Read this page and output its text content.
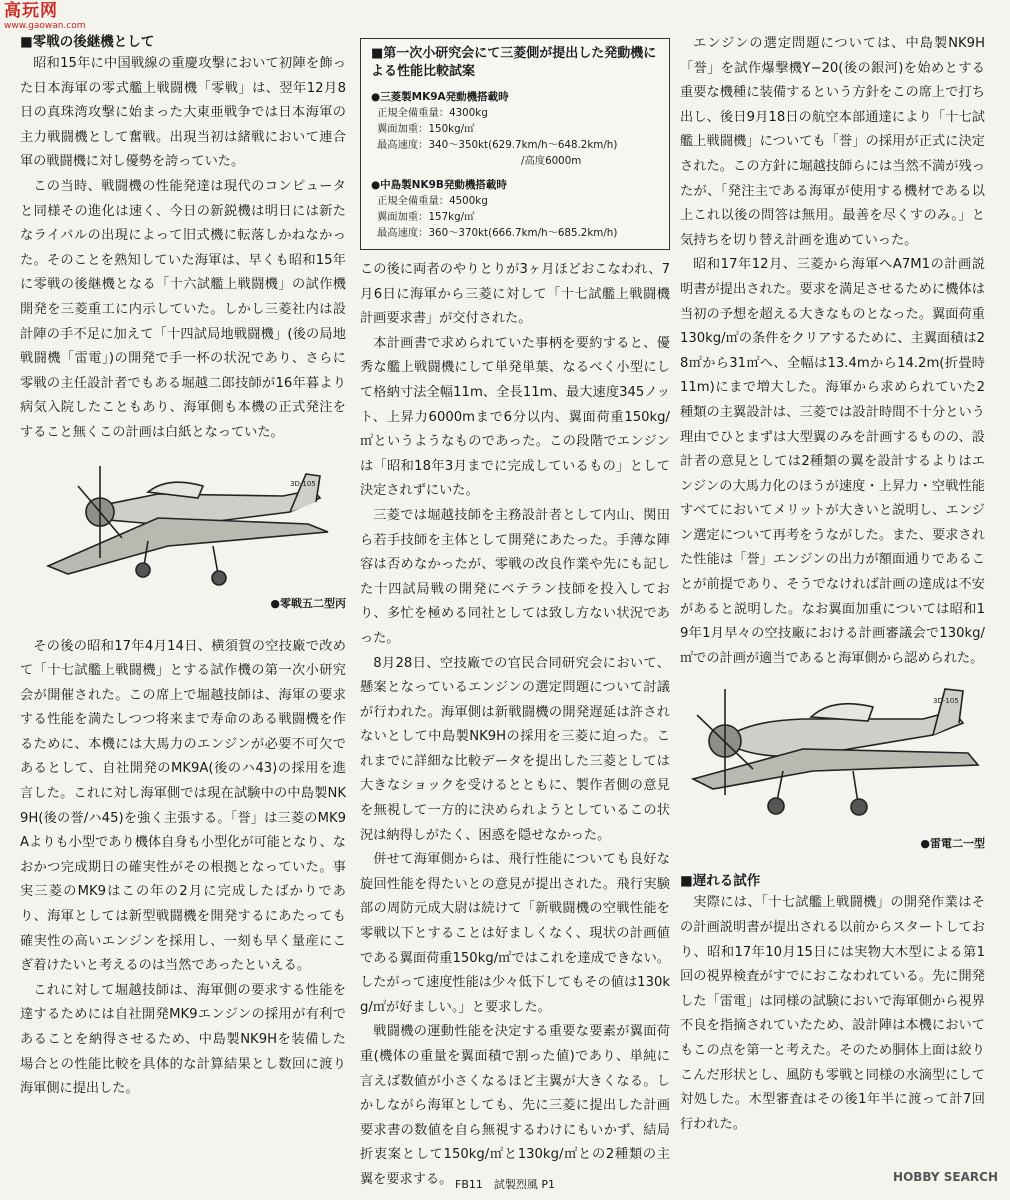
高玩网
www.gaowan.com
■零戦の後継機として

昭和15年に中国戦線の重慶攻撃において初陣を飾った日本海軍の零式艦上戦闘機「零戦」は、翌年12月8日の真珠湾攻撃に始まった大東亜戦争では日本海軍の主力戦闘機として奮戦。出現当初は緒戦において連合軍の戦闘機に対し優勢を誇っていた。

この当時、戦闘機の性能発達は現代のコンピュータと同様その進化は速く、今日の新鋭機は明日には新たなライバルの出現によって旧式機に転落しかねなかった。そのことを熟知していた海軍は、早くも昭和15年に零戦の後継機となる「十六試艦上戦闘機」の試作機開発を三菱重工に内示していた。しかし三菱社内は設計陣の手不足に加えて「十四試局地戦闘機」(後の局地戦闘機「雷電」)の開発で手一杯の状況であり、さらに零戦の主任設計者でもある堀越二郎技師が16年暮より病気入院したこともあり、海軍側も本機の正式発注をすること無くこの計画は白紙となっていた。

3D-105
●零戦五二型丙

その後の昭和17年4月14日、横須賀の空技廠で改めて「十七試艦上戦闘機」とする試作機の第一次小研究会が開催された。この席上で堀越技師は、海軍の要求する性能を満たしつつ将来まで寿命のある戦闘機を作るために、本機には大馬力のエンジンが必要不可欠であるとして、自社開発のMK9A(後のハ43)の採用を進言した。これに対し海軍側では現在試験中の中島製NK9H(後の誉/ハ45)を強く主張する。「誉」は三菱のMK9Aよりも小型であり機体自身も小型化が可能となり、なおかつ完成期日の確実性がその根拠となっていた。事実三菱のMK9はこの年の2月に完成したばかりであり、海軍としては新型戦闘機を開発するにあたっても確実性の高いエンジンを採用し、一刻も早く量産にこぎ着けたいと考えるのは当然であったといえる。

これに対して堀越技師は、海軍側の要求する性能を達するためには自社開発MK9エンジンの採用が有利であることを納得させるため、中島製NK9Hを装備した場合との性能比較を具体的な計算結果とし数回に渡り海軍側に提出した。

■第一次小研究会にて三菱側が提出した発動機による性能比較試案
●三菱製MK9A発動機搭載時
正規全備重量：4300kg
翼面加重：150kg/㎡
最高速度：340〜350kt(629.7km/h〜648.2km/h)
/高度6000m
●中島製NK9B発動機搭載時
正規全備重量：4500kg
翼面加重：157kg/㎡
最高速度：360〜370kt(666.7km/h〜685.2km/h)

この後に両者のやりとりが3ヶ月ほどおこなわれ、7月6日に海軍から三菱に対して「十七試艦上戦闘機計画要求書」が交付された。

本計画書で求められていた事柄を要約すると、優秀な艦上戦闘機にして単発単葉、なるべく小型にして格納寸法全幅11m、全長11m、最大速度345ノット、上昇力6000mまで6分以内、翼面荷重150kg/㎡というようなものであった。この段階でエンジンは「昭和18年3月までに完成しているもの」として決定されずにいた。

三菱では堀越技師を主務設計者として内山、関田ら若手技師を主体として開発にあたった。手薄な陣容は否めなかったが、零戦の改良作業や先にも記した十四試局戦の開発にベテラン技師を投入しており、多忙を極める同社としては致し方ない状況であった。

8月28日、空技廠での官民合同研究会において、懸案となっているエンジンの選定問題について討議が行われた。海軍側は新戦闘機の開発遅延は許されないとして中島製NK9Hの採用を三菱に迫った。これまでに詳細な比較データを提出した三菱としては大きなショックを受けるとともに、製作者側の意見を無視して一方的に決められようとしているこの状況は納得しがたく、困惑を隠せなかった。

併せて海軍側からは、飛行性能についても良好な旋回性能を得たいとの意見が提出された。飛行実験部の周防元成大尉は続けて「新戦闘機の空戦性能を零戦以下とすることは好ましくなく、現状の計画値である翼面荷重150kg/㎡ではこれを達成できない。したがって速度性能は少々低下してもその値は130kg/㎡が好ましい。」と要求した。

戦闘機の運動性能を決定する重要な要素が翼面荷重(機体の重量を翼面積で割った値)であり、単純に言えば数値が小さくなるほど主翼が大きくなる。しかしながら海軍としても、先に三菱に提出した計画要求書の数値を自ら無視するわけにもいかず、結局折衷案として150kg/㎡と130kg/㎡との2種類の主翼を要求する。

エンジンの選定問題については、中島製NK9H「誉」を試作爆撃機Y−20(後の銀河)を始めとする重要な機種に装備するという方針をこの席上で打ち出し、後日9月18日の航空本部通達により「十七試艦上戦闘機」についても「誉」の採用が正式に決定された。この方針に堀越技師らには当然不満が残ったが、「発注主である海軍が使用する機材である以上これ以後の問答は無用。最善を尽くすのみ。」と気持ちを切り替え計画を進めていった。

昭和17年12月、三菱から海軍へA7M1の計画説明書が提出された。要求を満足させるために機体は当初の予想を超える大きなものとなった。翼面荷重130kg/㎡の条件をクリアするために、主翼面積は28㎡から31㎡へ、全幅は13.4mから14.2m(折畳時11m)にまで増大した。海軍から求められていた2種類の主翼設計は、三菱では設計時間不十分という理由でひとまずは大型翼のみを計画するものの、設計者の意見としては2種類の翼を設計するよりはエンジンの大馬力化のほうが速度・上昇力・空戦性能すべてにおいてメリットが大きいと説明し、エンジン選定について再考をうながした。また、要求された性能は「誉」エンジンの出力が額面通りであることが前提であり、そうでなければ計画の達成は不安があると説明した。なお翼面加重については昭和19年1月早々の空技廠における計画審議会で130kg/㎡での計画が適当であると海軍側から認められた。

3D-105
●雷電二一型
■遅れる試作

実際には、「十七試艦上戦闘機」の開発作業はその計画説明書が提出される以前からスタートしており、昭和17年10月15日には実物大木型による第1回の視界検査がすでにおこなわれている。先に開発した「雷電」は同様の試験においで海軍側から視界不良を指摘されていたため、設計陣は本機においてもこの点を第一と考えた。そのため胴体上面は絞りこんだ形状とし、風防も零戦と同様の水滴型にして対処した。木型審査はその後1年半に渡って計7回行われた。

FB11　試製烈風 P1
HOBBY SEARCH
